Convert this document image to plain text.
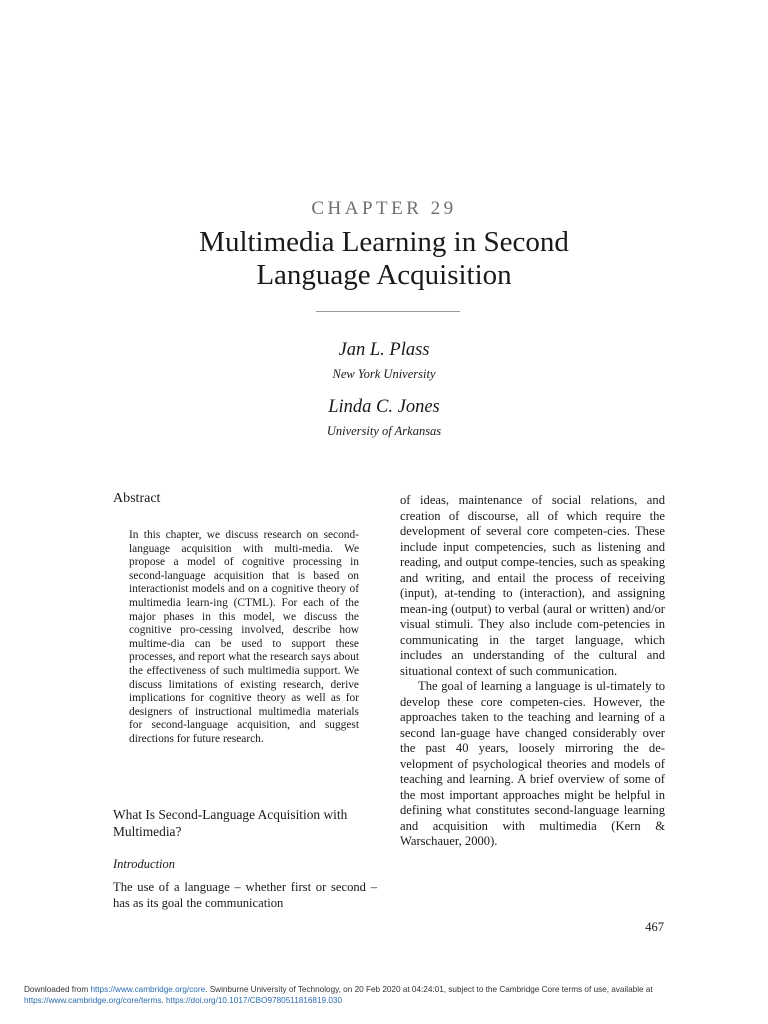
CHAPTER 29
Multimedia Learning in Second
Language Acquisition
Jan L. Plass
New York University
Linda C. Jones
University of Arkansas
Abstract
In this chapter, we discuss research on second-language acquisition with multi-media. We propose a model of cognitive processing in second-language acquisition that is based on interactionist models and on a cognitive theory of multimedia learn-ing (CTML). For each of the major phases in this model, we discuss the cognitive pro-cessing involved, describe how multime-dia can be used to support these processes, and report what the research says about the effectiveness of such multimedia support. We discuss limitations of existing research, derive implications for cognitive theory as well as for designers of instructional multimedia materials for second-language acquisition, and suggest directions for future research.
What Is Second-Language Acquisition with Multimedia?
Introduction
The use of a language – whether first or second – has as its goal the communication

of ideas, maintenance of social relations, and creation of discourse, all of which require the development of several core competen-cies. These include input competencies, such as listening and reading, and output compe-tencies, such as speaking and writing, and entail the process of receiving (input), at-tending to (interaction), and assigning mean-ing (output) to verbal (aural or written) and/or visual stimuli. They also include com-petencies in communicating in the target language, which includes an understanding of the cultural and situational context of such communication.

The goal of learning a language is ul-timately to develop these core competen-cies. However, the approaches taken to the teaching and learning of a second lan-guage have changed considerably over the past 40 years, loosely mirroring the de-velopment of psychological theories and models of teaching and learning. A brief overview of some of the most important approaches might be helpful in defining what constitutes second-language learning and acquisition with multimedia (Kern & Warschauer, 2000).

467
Downloaded from https://www.cambridge.org/core. Swinburne University of Technology, on 20 Feb 2020 at 04:24:01, subject to the Cambridge Core terms of use, available at
https://www.cambridge.org/core/terms. https://doi.org/10.1017/CBO9780511816819.030
